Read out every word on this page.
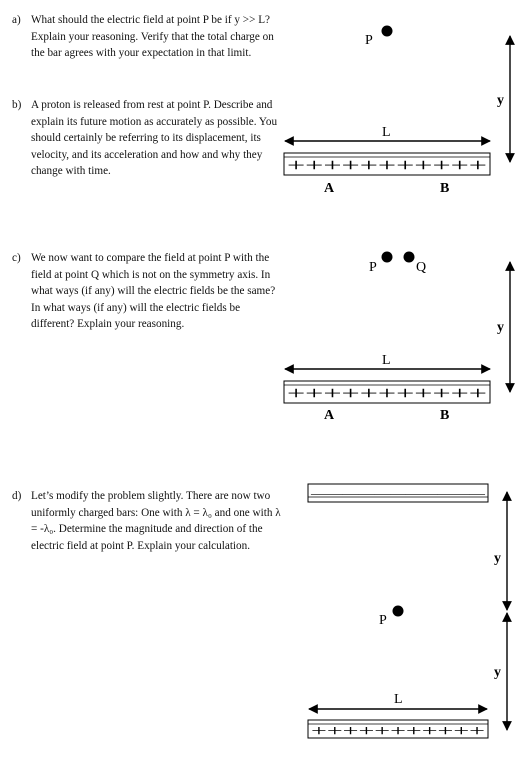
a) What should the electric field at point P be if y >> L? Explain your reasoning. Verify that the total charge on the bar agrees with your expectation in that limit.
b) A proton is released from rest at point P. Describe and explain its future motion as accurately as possible. You should certainly be referring to its displacement, its velocity, and its acceleration and how and why they change with time.
c) We now want to compare the field at point P with the field at point Q which is not on the symmetry axis. In what ways (if any) will the electric fields be the same? In what ways (if any) will the electric fields be different? Explain your reasoning.
d) Let’s modify the problem slightly. There are now two uniformly charged bars: One with λ = λ₀ and one with λ = -λ₀. Determine the magnitude and direction of the electric field at point P. Explain your calculation.
P
y
L
+++++++++++
A	B
P	Q
y
L
+++++++++++
A	B
———————————
y
P
y
L
+++++++++++
